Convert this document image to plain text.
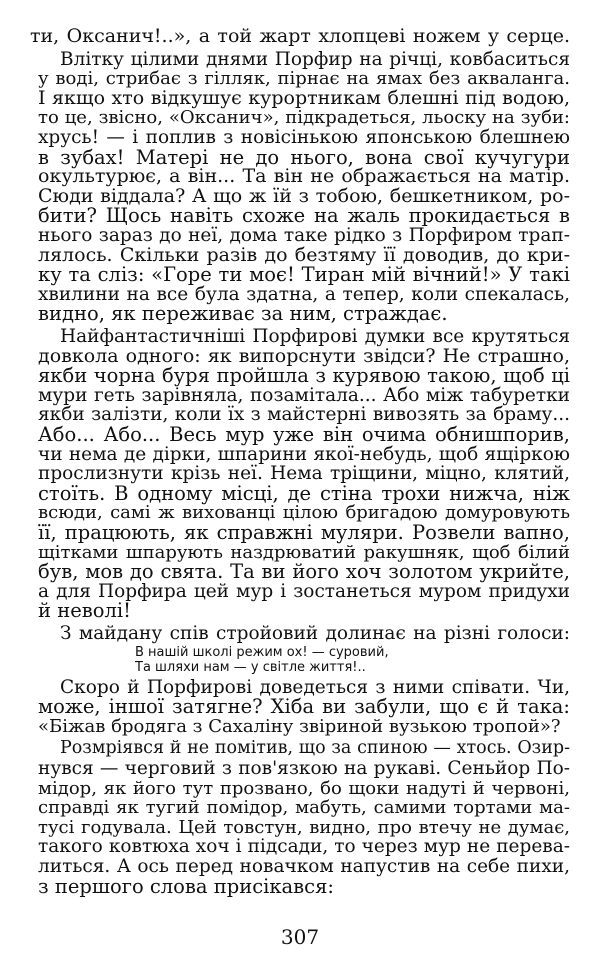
ти, Оксанич!..», а той жарт хлопцеві ножем у серце.
Влітку цілими днями Порфир на річці, ковбаситься
у воді, стрибає з гілляк, пірнає на ямах без акваланга.
І якщо хто відкушує курортникам блешні під водою,
то це, звісно, «Оксанич», підкрадеться, льоску на зуби:
хрусь! — і поплив з новісінькою японською блешнею
в зубах! Матері не до нього, вона свої кучугури
окультурює, а він... Та він не ображається на матір.
Сюди віддала? А що ж їй з тобою, бешкетником, ро-
бити? Щось навіть схоже на жаль прокидається в
нього зараз до неї, дома таке рідко з Порфиром трап-
лялось. Скільки разів до безтяму її доводив, до кри-
ку та сліз: «Горе ти моє! Тиран мій вічний!» У такі
хвилини на все була здатна, а тепер, коли спекалась,
видно, як переживає за ним, страждає.
Найфантастичніші Порфирові думки все крутяться
довкола одного: як випорснути звідси? Не страшно,
якби чорна буря пройшла з курявою такою, щоб ці
мури геть зарівняла, позамітала... Або між табуретки
якби залізти, коли їх з майстерні вивозять за браму...
Або... Або... Весь мур уже він очима обнишпорив,
чи нема де дірки, шпарини якої-небудь, щоб ящіркою
прослизнути крізь неї. Нема тріщини, міцно, клятий,
стоїть. В одному місці, де стіна трохи нижча, ніж
всюди, самі ж вихованці цілою бригадою домуровують
її, працюють, як справжні муляри. Розвели вапно,
щітками шпарують наздрюватий ракушняк, щоб білий
був, мов до свята. Та ви його хоч золотом укрийте,
а для Порфира цей мур і зостанеться муром придухи
й неволі!
З майдану спів стройовий долинає на різні голоси:
В нашій школі режим ох! — суровий,
Та шляхи нам — у світле життя!..
Скоро й Порфирові доведеться з ними співати. Чи,
може, іншої затягне? Хіба ви забули, що є й така:
«Біжав бродяга з Сахаліну звіриной вузькою тропой»?
Розмріявся й не помітив, що за спиною — хтось. Озир-
нувся — черговий з пов'язкою на рукаві. Сеньйор По-
мідор, як його тут прозвано, бо щоки надуті й червоні,
справді як тугий помідор, мабуть, самими тортами ма-
тусі годувала. Цей товстун, видно, про втечу не думає,
такого ковтюха хоч і підсади, то через мур не перева-
литься. А ось перед новачком напустив на себе пихи,
з першого слова присікався:
307
